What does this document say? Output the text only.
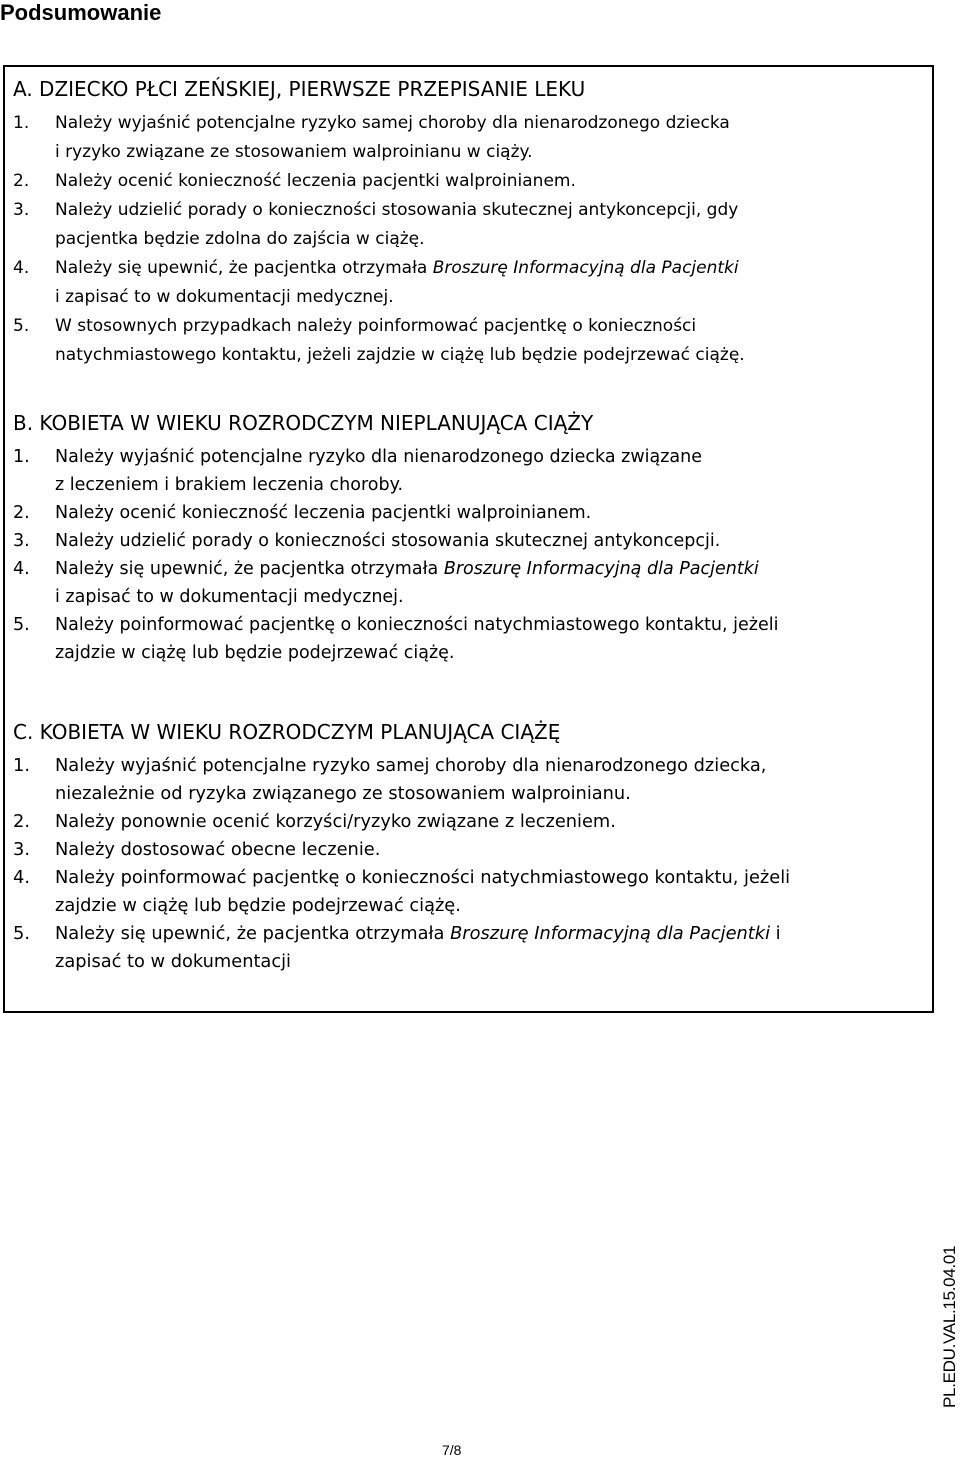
Podsumowanie

A. DZIECKO PŁCI ZEŃSKIEJ, PIERWSZE PRZEPISANIE LEKU

1. Należy wyjaśnić potencjalne ryzyko samej choroby dla nienarodzonego dziecka
i ryzyko związane ze stosowaniem walproinianu w ciąży.
2. Należy ocenić konieczność leczenia pacjentki walproinianem.
3. Należy udzielić porady o konieczności stosowania skutecznej antykoncepcji, gdy
pacjentka będzie zdolna do zajścia w ciążę.
4. Należy się upewnić, że pacjentka otrzymała Broszurę Informacyjną dla Pacjentki
i zapisać to w dokumentacji medycznej.
5. W stosownych przypadkach należy poinformować pacjentkę o konieczności
natychmiastowego kontaktu, jeżeli zajdzie w ciążę lub będzie podejrzewać ciążę.

B. KOBIETA W WIEKU ROZRODCZYM NIEPLANUJĄCA CIĄŻY

1. Należy wyjaśnić potencjalne ryzyko dla nienarodzonego dziecka związane
z leczeniem i brakiem leczenia choroby.
2. Należy ocenić konieczność leczenia pacjentki walproinianem.
3. Należy udzielić porady o konieczności stosowania skutecznej antykoncepcji.
4. Należy się upewnić, że pacjentka otrzymała Broszurę Informacyjną dla Pacjentki
i zapisać to w dokumentacji medycznej.
5. Należy poinformować pacjentkę o konieczności natychmiastowego kontaktu, jeżeli
zajdzie w ciążę lub będzie podejrzewać ciążę.

C. KOBIETA W WIEKU ROZRODCZYM PLANUJĄCA CIĄŻĘ

1. Należy wyjaśnić potencjalne ryzyko samej choroby dla nienarodzonego dziecka,
niezależnie od ryzyka związanego ze stosowaniem walproinianu.
2. Należy ponownie ocenić korzyści/ryzyko związane z leczeniem.
3. Należy dostosować obecne leczenie.
4. Należy poinformować pacjentkę o konieczności natychmiastowego kontaktu, jeżeli
zajdzie w ciążę lub będzie podejrzewać ciążę.
5. Należy się upewnić, że pacjentka otrzymała Broszurę Informacyjną dla Pacjentki i
zapisać to w dokumentacji
PL.EDU.VAL.15.04.01
7/8
